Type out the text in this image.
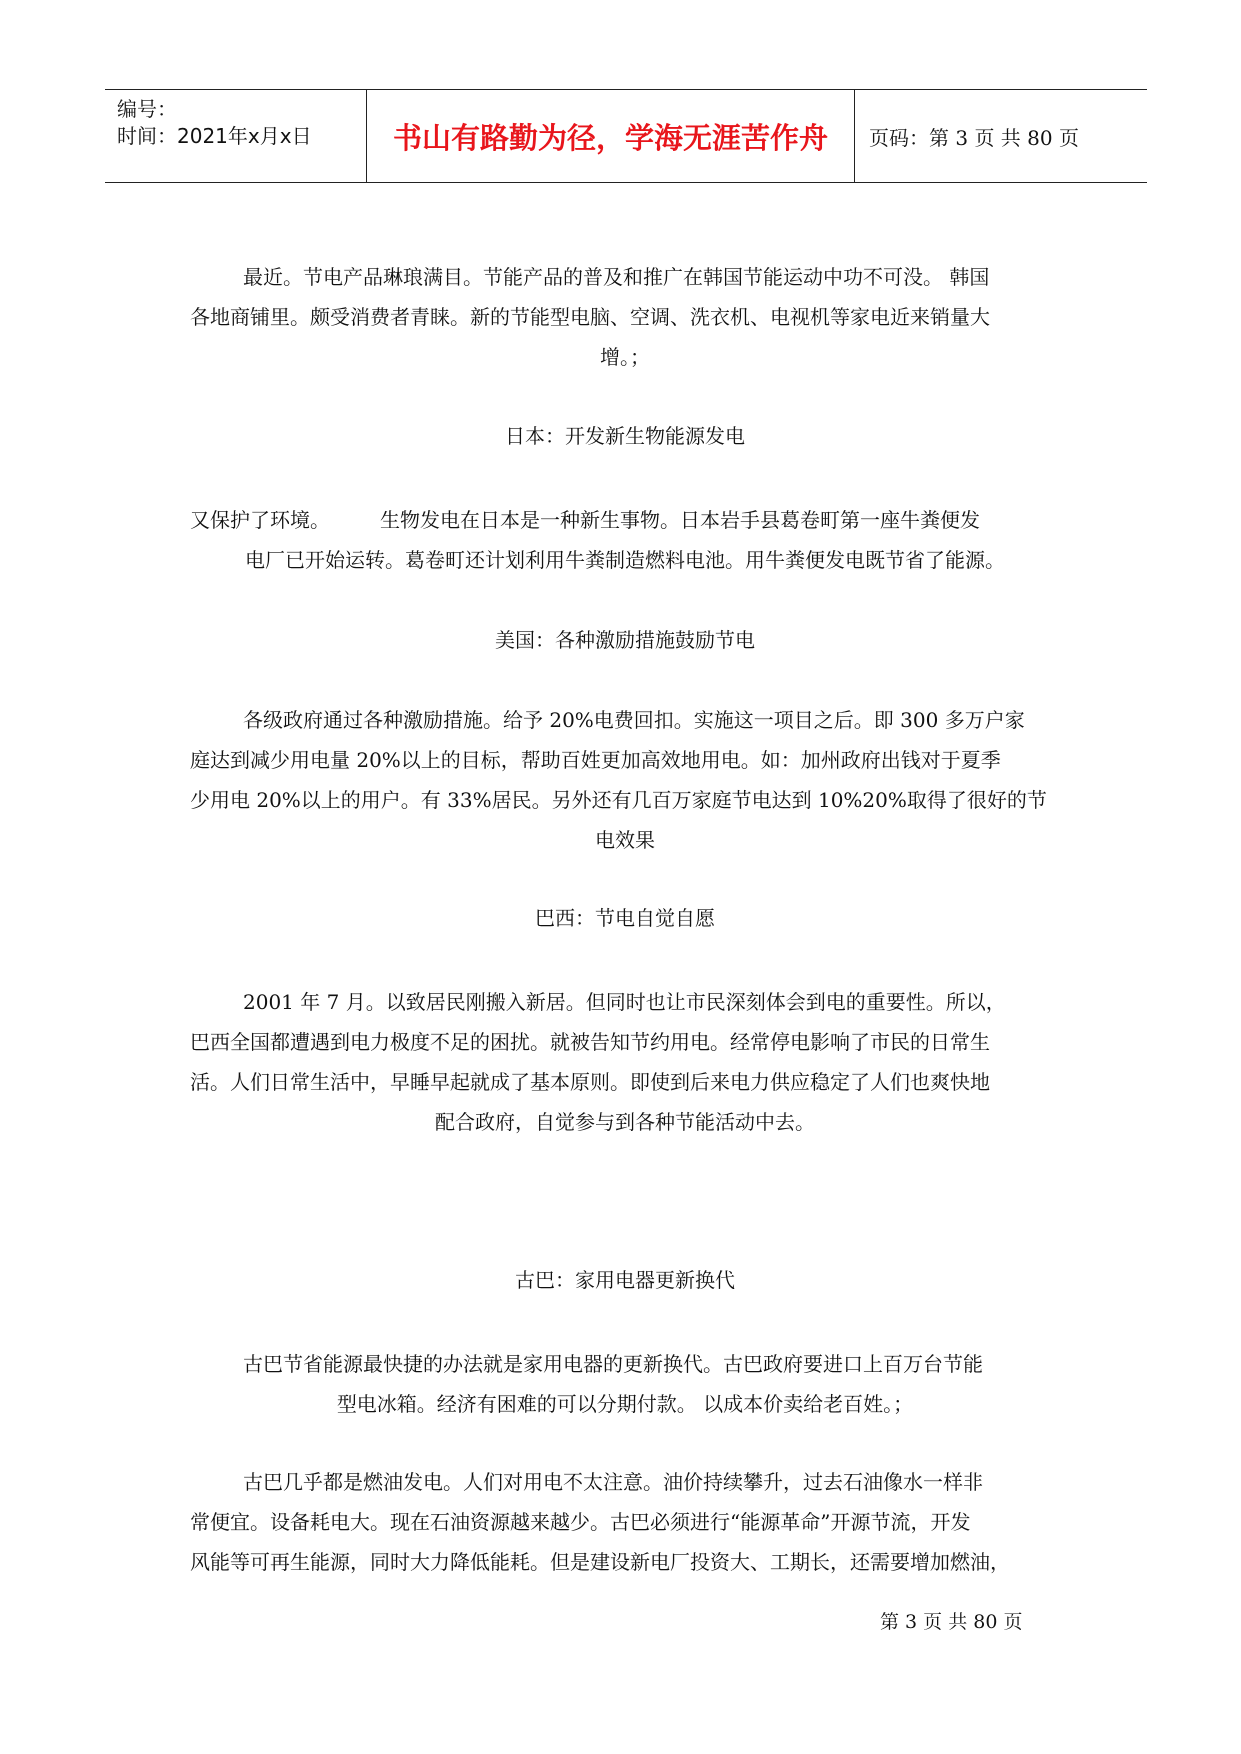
编号：
时间：2021年x月x日	书山有路勤为径，学海无涯苦作舟 页码：第 3 页 共 80 页
最近。节电产品琳琅满目。节能产品的普及和推广在韩国节能运动中功不可没。 韩国
各地商铺里。颇受消费者青睐。新的节能型电脑、空调、洗衣机、电视机等家电近来销量大
增。；
日本：开发新生物能源发电
又保护了环境。　　　生物发电在日本是一种新生事物。日本岩手县葛卷町第一座牛粪便发
电厂已开始运转。葛卷町还计划利用牛粪制造燃料电池。用牛粪便发电既节省了能源。
美国：各种激励措施鼓励节电
各级政府通过各种激励措施。给予 20%电费回扣。实施这一项目之后。即 300 多万户家
庭达到减少用电量 20%以上的目标，帮助百姓更加高效地用电。如：加州政府出钱对于夏季
少用电 20%以上的用户。有 33%居民。另外还有几百万家庭节电达到 10%20%取得了很好的节
电效果
巴西：节电自觉自愿
2001 年 7 月。以致居民刚搬入新居。但同时也让市民深刻体会到电的重要性。所以，
巴西全国都遭遇到电力极度不足的困扰。就被告知节约用电。经常停电影响了市民的日常生
活。人们日常生活中，早睡早起就成了基本原则。即使到后来电力供应稳定了人们也爽快地
配合政府，自觉参与到各种节能活动中去。
古巴：家用电器更新换代
古巴节省能源最快捷的办法就是家用电器的更新换代。古巴政府要进口上百万台节能
型电冰箱。经济有困难的可以分期付款。 以成本价卖给老百姓。；
古巴几乎都是燃油发电。人们对用电不太注意。油价持续攀升，过去石油像水一样非
常便宜。设备耗电大。现在石油资源越来越少。古巴必须进行“能源革命”开源节流，开发
风能等可再生能源，同时大力降低能耗。但是建设新电厂投资大、工期长，还需要增加燃油，
第 3 页 共 80 页
